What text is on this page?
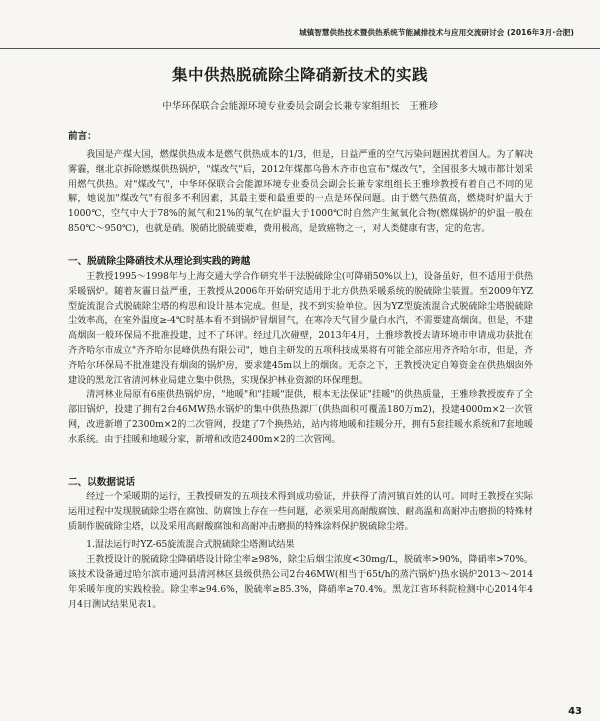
城镇智慧供热技术暨供热系统节能减排技术与应用交流研讨会 (2016年3月·合肥)
集中供热脱硫除尘降硝新技术的实践
中华环保联合会能源环境专业委员会副会长兼专家组组长　王雅珍
前言：

我国是产煤大国，燃煤供热成本是燃气供热成本的1/3，但是，日益严重的空气污染问题困扰着国人。为了解决雾霾，继北京拆除燃煤供热锅炉，"煤改气"后，2012年煤都乌鲁木齐市也宣布"煤改气"，全国很多大城市都计划采用燃气供热。对"煤改气"，中华环保联合会能源环境专业委员会副会长兼专家组组长王雅珍教授有着自己不同的见解，她说加"煤改气"有很多不利因素，其最主要和最重要的一点是环保问题。由于燃气热值高，燃烧时炉温大于1000℃，空气中大于78%的氮气和21%的氧气在炉温大于1000℃时自然产生氮氧化合物(燃煤锅炉的炉温一般在850℃～950℃)，也就是硝。脱硝比脱硫要难，费用极高，是致癌物之一，对人类健康有害，定的危害。

一、脱硫除尘降硝技术从理论到实践的跨越

王教授1995～1998年与上海交通大学合作研究半干法脱硫除尘(可降硝50%以上)，设备虽好，但不适用于供热采暖锅炉。随着灰霾日益严重，王教授从2006年开始研究适用于北方供热采暖系统的脱硫除尘装置。至2009年YZ型旋流混合式脱硫除尘塔的构思和设计基本完成。但是，找不到实验单位。因为YZ型旋流混合式脱硫除尘塔脱硫除尘效率高，在室外温度≥-4℃时基本看不到锅炉冒烟冒气，在寒冷天气冒少量白水汽，不需要建高烟囱。但是，不建高烟囱一般环保局不批准投建，过不了环评。经过几次碰壁，2013年4月，土雅珍教授去请环境市申请成功获批在齐齐哈尔市成立"齐齐哈尔昆峰供热有限公司"，她自主研发的五项科技成果将有可能全部应用齐齐哈尔市，但是，齐齐哈尔环保局不批准建没有烟囱的锅炉房，要求建45m以上的烟囱。无奈之下，王教授决定自筹资金在供热烟囱外建设的黑龙江省清河林业局建立集中供热，实现保护林业资源的环保理想。

清河林业局原有6座供热锅炉房，"地暖"和"挂暖"混供，根本无法保证"挂暖"的供热质量，王雅珍教授废弃了全部旧锅炉，投建了拥有2台46MW热水锅炉的集中供热热源厂(供热面积可覆盖180万m2)，投建4000m×2一次管网，改进新增了2300m×2的二次管网，投建了7个换热站，站内将地暖和挂暖分开，拥有5套挂暖水系统和7套地暖水系统。由于挂暖和地暖分家，新增和改造2400m×2的二次管网。

二、以数据说话

经过一个采暖期的运行，王教授研发的五项技术得到成功验证，并获得了清河镇百姓的认可。同时王教授在实际运用过程中发现脱硫除尘塔在腐蚀、防腐蚀上存在一些问题，必须采用高耐酸腐蚀、耐高温和高耐冲击磨损的特殊材质制作脱硫除尘塔，以及采用高耐酸腐蚀和高耐冲击磨损的特殊涂料保护脱硫除尘塔。

1.湿法运行时YZ-65旋流混合式脱硫除尘塔测试结果

王教授设计的脱硫除尘降硝塔设计除尘率≥98%，除尘后烟尘浓度<30mg/L，脱硫率>90%，降硝率>70%。该技术设备通过哈尔滨市通河县清河林区县级供热公司2台46MW(相当于65t/h的蒸汽锅炉)热水锅炉2013～2014年采暖年度的实践检验。除尘率≥94.6%，脱硫率≥85.3%，降硝率≥70.4%。黑龙江省环科院检测中心2014年4月4日测试结果见表1。

43
